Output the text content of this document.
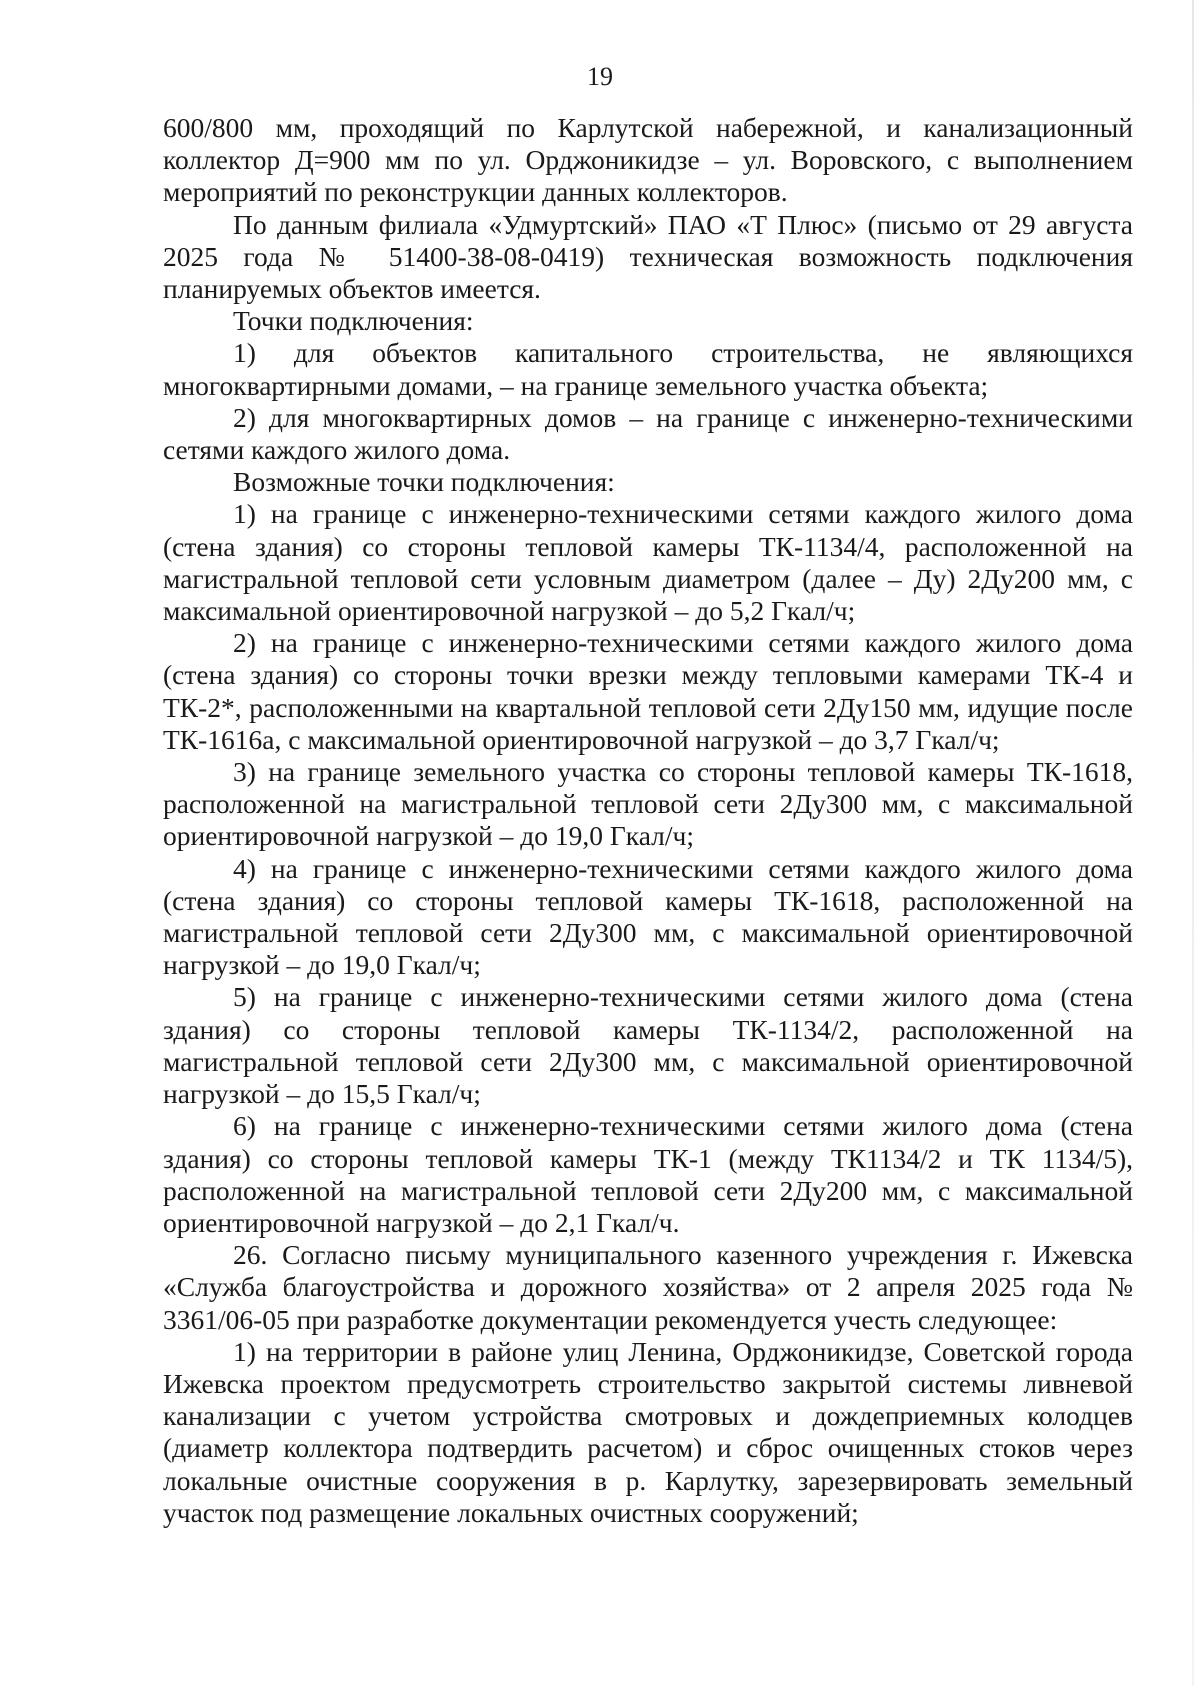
19

600/800 мм, проходящий по Карлутской набережной, и канализационный коллектор Д=900 мм по ул. Орджоникидзе – ул. Воровского, с выполнением мероприятий по реконструкции данных коллекторов.

По данным филиала «Удмуртский» ПАО «Т Плюс» (письмо от 29 августа 2025 года № 51400-38-08-0419) техническая возможность подключения планируемых объектов имеется.

Точки подключения:

1) для объектов капитального строительства, не являющихся многоквартирными домами, – на границе земельного участка объекта;

2) для многоквартирных домов – на границе с инженерно-техническими сетями каждого жилого дома.

Возможные точки подключения:

1) на границе с инженерно-техническими сетями каждого жилого дома (стена здания) со стороны тепловой камеры ТК-1134/4, расположенной на магистральной тепловой сети условным диаметром (далее – Ду) 2Ду200 мм, с максимальной ориентировочной нагрузкой – до 5,2 Гкал/ч;

2) на границе с инженерно-техническими сетями каждого жилого дома (стена здания) со стороны точки врезки между тепловыми камерами ТК-4 и ТК-2*, расположенными на квартальной тепловой сети 2Ду150 мм, идущие после ТК-1616а, с максимальной ориентировочной нагрузкой – до 3,7 Гкал/ч;

3) на границе земельного участка со стороны тепловой камеры ТК-1618, расположенной на магистральной тепловой сети 2Ду300 мм, с максимальной ориентировочной нагрузкой – до 19,0 Гкал/ч;

4) на границе с инженерно-техническими сетями каждого жилого дома (стена здания) со стороны тепловой камеры ТК-1618, расположенной на магистральной тепловой сети 2Ду300 мм, с максимальной ориентировочной нагрузкой – до 19,0 Гкал/ч;

5) на границе с инженерно-техническими сетями жилого дома (стена здания) со стороны тепловой камеры ТК-1134/2, расположенной на магистральной тепловой сети 2Ду300 мм, с максимальной ориентировочной нагрузкой – до 15,5 Гкал/ч;

6) на границе с инженерно-техническими сетями жилого дома (стена здания) со стороны тепловой камеры ТК-1 (между ТК1134/2 и ТК 1134/5), расположенной на магистральной тепловой сети 2Ду200 мм, с максимальной ориентировочной нагрузкой – до 2,1 Гкал/ч.

26. Согласно письму муниципального казенного учреждения г. Ижевска «Служба благоустройства и дорожного хозяйства» от 2 апреля 2025 года № 3361/06-05 при разработке документации рекомендуется учесть следующее:

1) на территории в районе улиц Ленина, Орджоникидзе, Советской города Ижевска проектом предусмотреть строительство закрытой системы ливневой канализации с учетом устройства смотровых и дождеприемных колодцев (диаметр коллектора подтвердить расчетом) и сброс очищенных стоков через локальные очистные сооружения в р. Карлутку, зарезервировать земельный участок под размещение локальных очистных сооружений;
